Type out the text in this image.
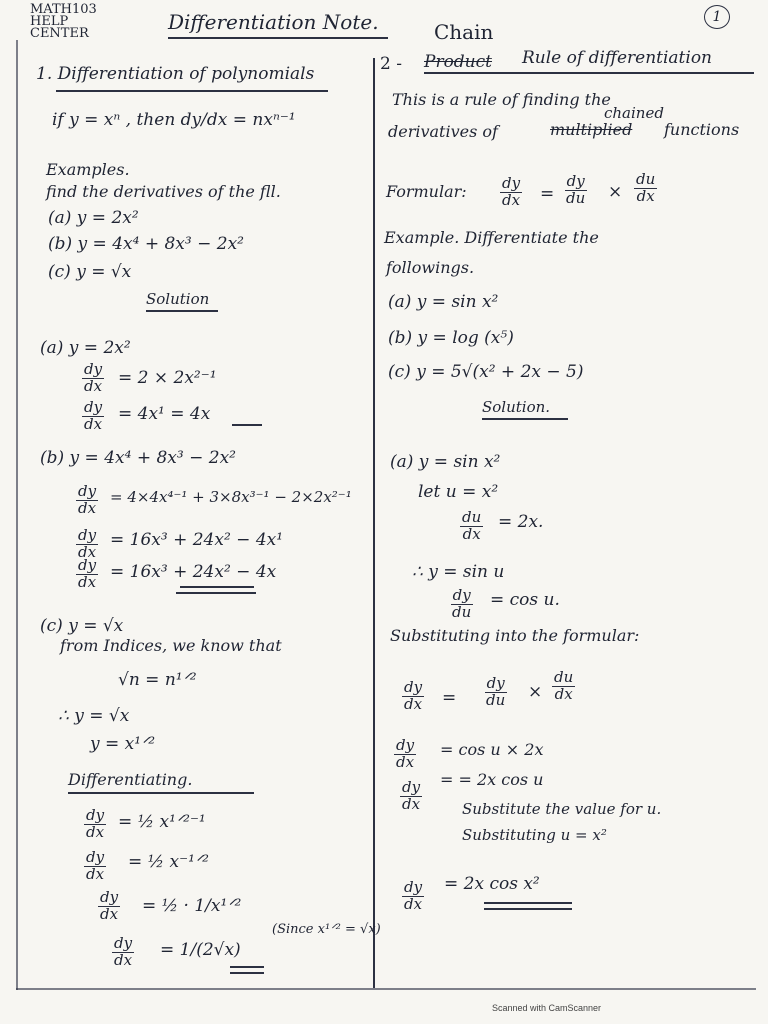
MATH103
HELP
CENTER	Differentiation Note.	1
1. Differentiation of polynomials
if y = xⁿ , then dy/dx = nxⁿ⁻¹
Examples.
find the derivatives of the fll.
(a) y = 2x²
(b) y = 4x⁴ + 8x³ − 2x²
(c) y = √x
Solution
(a) y = 2x²
$\frac{dy}{dx} = 2 \times 2x^{2-1}$
$\frac{dy}{dx} = 4x^1 = 4x$
(b) y = 4x⁴ + 8x³ − 2x²
$\frac{dy}{dx} = 4\times 4x^{4-1} + 3\times 8x^{3-1} - 2\times 2x^{2-1}$
$\frac{dy}{dx} = 16x^3 + 24x^2 - 4x^1$
$\frac{dy}{dx} = 16x^3 + 24x^2 - 4x$
(c) y = √x
from Indices, we know that
√n = n¹ᐟ²
∴ y = √x
y = x¹ᐟ²
Differentiating.
$\frac{dy}{dx}$ = ½ x¹ᐟ²⁻¹
$\frac{dy}{dx}$ = ½ x⁻¹ᐟ²
$\frac{dy}{dx}$ = ½ · 1/x¹ᐟ²
$\frac{dy}{dx} = 1/(2√x)$
(Since x¹ᐟ² = √x)
2 - Product
Chain
Rule of differentiation
This is a rule of finding the
chained
derivatives of	multiplied functions
Formular: $\frac{dy}{dx} = \frac{dy}{du} \times \frac{du}{dx}$
Example. Differentiate the
followings.
(a) y = sin x²
(b) y = log (x⁵)
(c) y = 5√(x² + 2x − 5)
Solution.
(a) y = sin x²
let u = x²
$\frac{du}{dx} = 2x$.
∴ y = sin u
$\frac{dy}{du} = \cos u$.
Substituting into the formular:
$\frac{dy}{dx} = \frac{dy}{du} \times \frac{du}{dx}$
$\frac{dy}{dx} = \cos u \times 2x$
$\frac{dy}{dx}$
= = 2x cos u
Substitute the value for u.
Substituting u = x²
$\frac{dy}{dx} = 2x$ cos x²
Scanned with CamScanner
